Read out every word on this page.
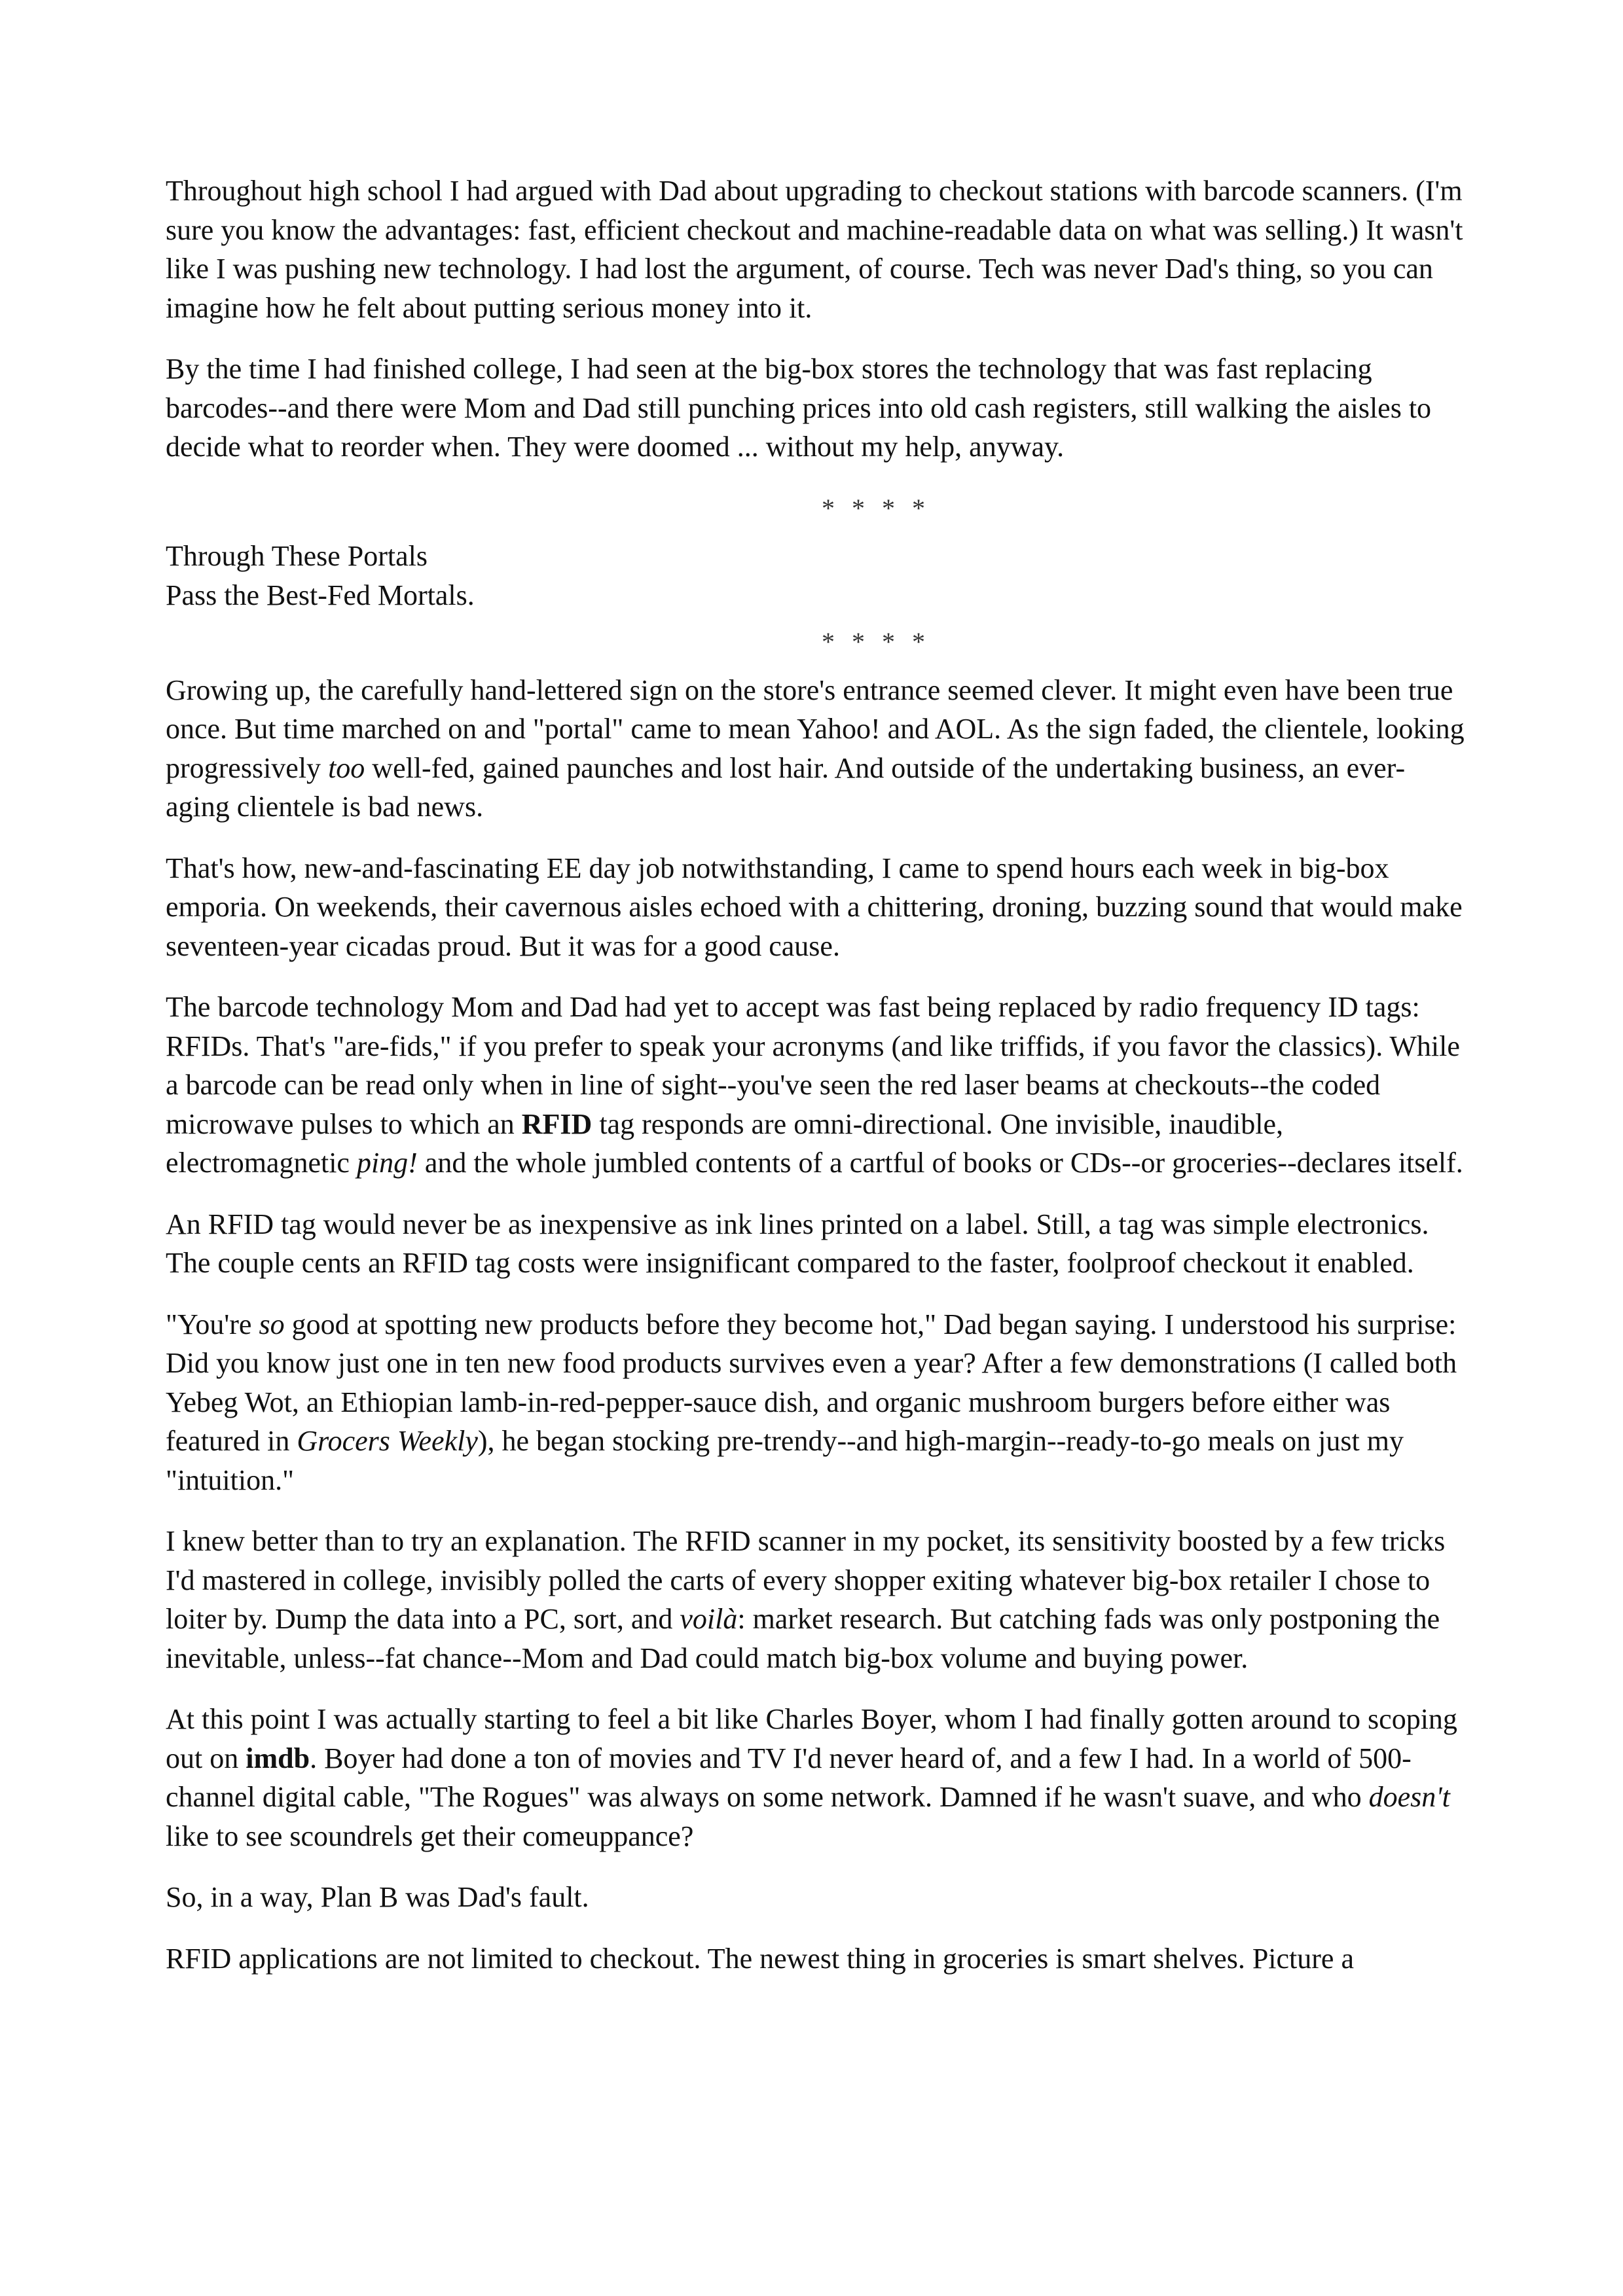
Throughout high school I had argued with Dad about upgrading to checkout stations with barcode scanners. (I'm sure you know the advantages: fast, efficient checkout and machine-readable data on what was selling.) It wasn't like I was pushing new technology. I had lost the argument, of course. Tech was never Dad's thing, so you can imagine how he felt about putting serious money into it.

By the time I had finished college, I had seen at the big-box stores the technology that was fast replacing barcodes--and there were Mom and Dad still punching prices into old cash registers, still walking the aisles to decide what to reorder when. They were doomed ... without my help, anyway.

* * * *
Through These Portals
Pass the Best-Fed Mortals.
* * * *

Growing up, the carefully hand-lettered sign on the store's entrance seemed clever. It might even have been true once. But time marched on and "portal" came to mean Yahoo! and AOL. As the sign faded, the clientele, looking progressively too well-fed, gained paunches and lost hair. And outside of the undertaking business, an ever-aging clientele is bad news.

That's how, new-and-fascinating EE day job notwithstanding, I came to spend hours each week in big-box emporia. On weekends, their cavernous aisles echoed with a chittering, droning, buzzing sound that would make seventeen-year cicadas proud. But it was for a good cause.

The barcode technology Mom and Dad had yet to accept was fast being replaced by radio frequency ID tags: RFIDs. That's "are-fids," if you prefer to speak your acronyms (and like triffids, if you favor the classics). While a barcode can be read only when in line of sight--you've seen the red laser beams at checkouts--the coded microwave pulses to which an RFID tag responds are omni-directional. One invisible, inaudible, electromagnetic ping! and the whole jumbled contents of a cartful of books or CDs--or groceries--declares itself.

An RFID tag would never be as inexpensive as ink lines printed on a label. Still, a tag was simple electronics. The couple cents an RFID tag costs were insignificant compared to the faster, foolproof checkout it enabled.

"You're so good at spotting new products before they become hot," Dad began saying. I understood his surprise: Did you know just one in ten new food products survives even a year? After a few demonstrations (I called both Yebeg Wot, an Ethiopian lamb-in-red-pepper-sauce dish, and organic mushroom burgers before either was featured in Grocers Weekly), he began stocking pre-trendy--and high-margin--ready-to-go meals on just my "intuition."

I knew better than to try an explanation. The RFID scanner in my pocket, its sensitivity boosted by a few tricks I'd mastered in college, invisibly polled the carts of every shopper exiting whatever big-box retailer I chose to loiter by. Dump the data into a PC, sort, and voilà: market research. But catching fads was only postponing the inevitable, unless--fat chance--Mom and Dad could match big-box volume and buying power.

At this point I was actually starting to feel a bit like Charles Boyer, whom I had finally gotten around to scoping out on imdb. Boyer had done a ton of movies and TV I'd never heard of, and a few I had. In a world of 500-channel digital cable, "The Rogues" was always on some network. Damned if he wasn't suave, and who doesn't like to see scoundrels get their comeuppance?

So, in a way, Plan B was Dad's fault.

RFID applications are not limited to checkout. The newest thing in groceries is smart shelves. Picture a
